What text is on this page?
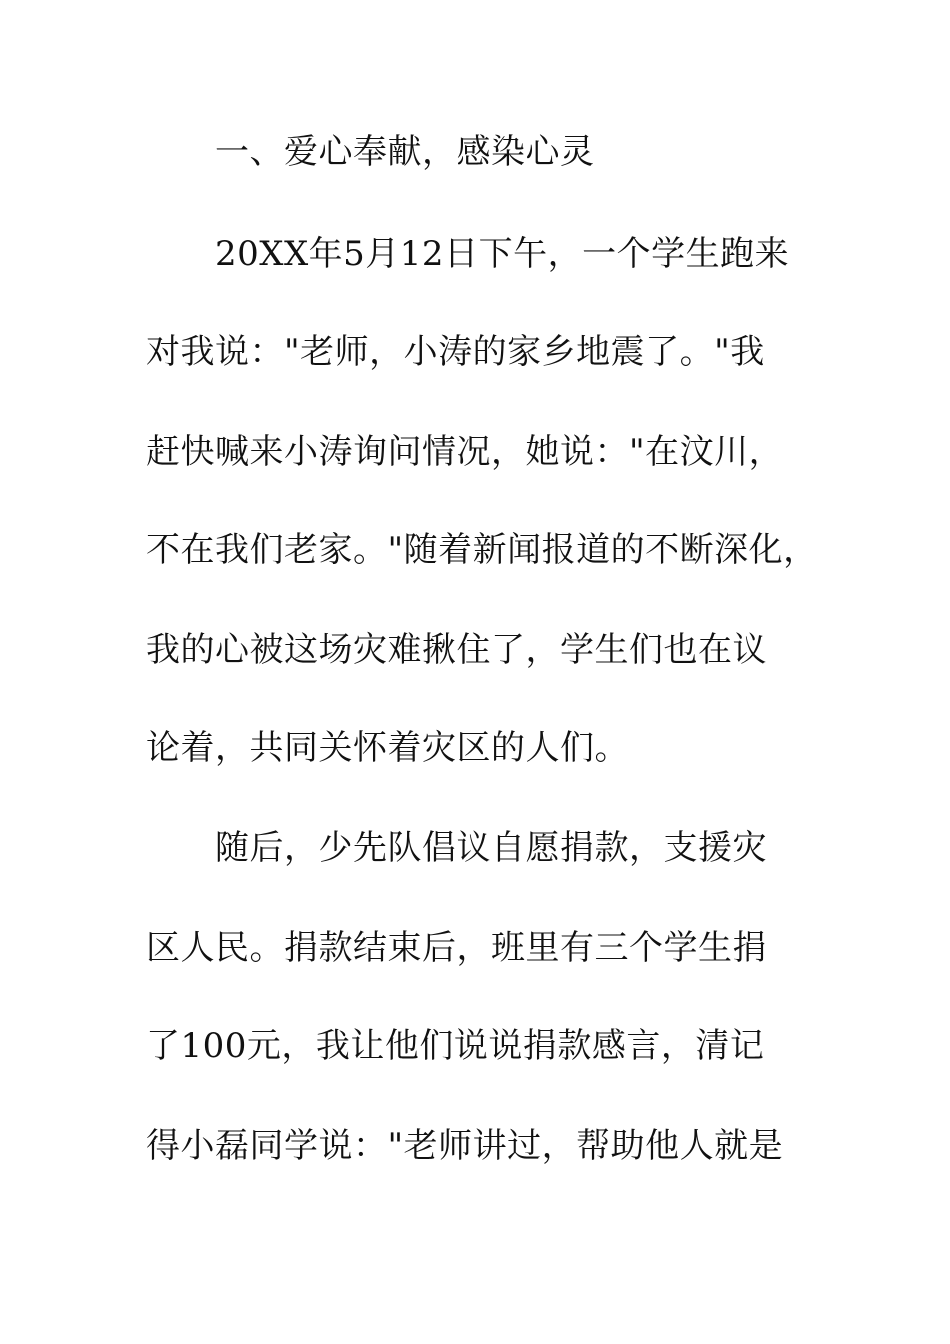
一、爱心奉献，感染心灵
20XX年5月12日下午，一个学生跑来
对我说："老师，小涛的家乡地震了。"我
赶快喊来小涛询问情况，她说："在汶川，
不在我们老家。"随着新闻报道的不断深化，
我的心被这场灾难揪住了，学生们也在议
论着，共同关怀着灾区的人们。
随后，少先队倡议自愿捐款，支援灾
区人民。捐款结束后，班里有三个学生捐
了100元，我让他们说说捐款感言，清记
得小磊同学说："老师讲过，帮助他人就是
